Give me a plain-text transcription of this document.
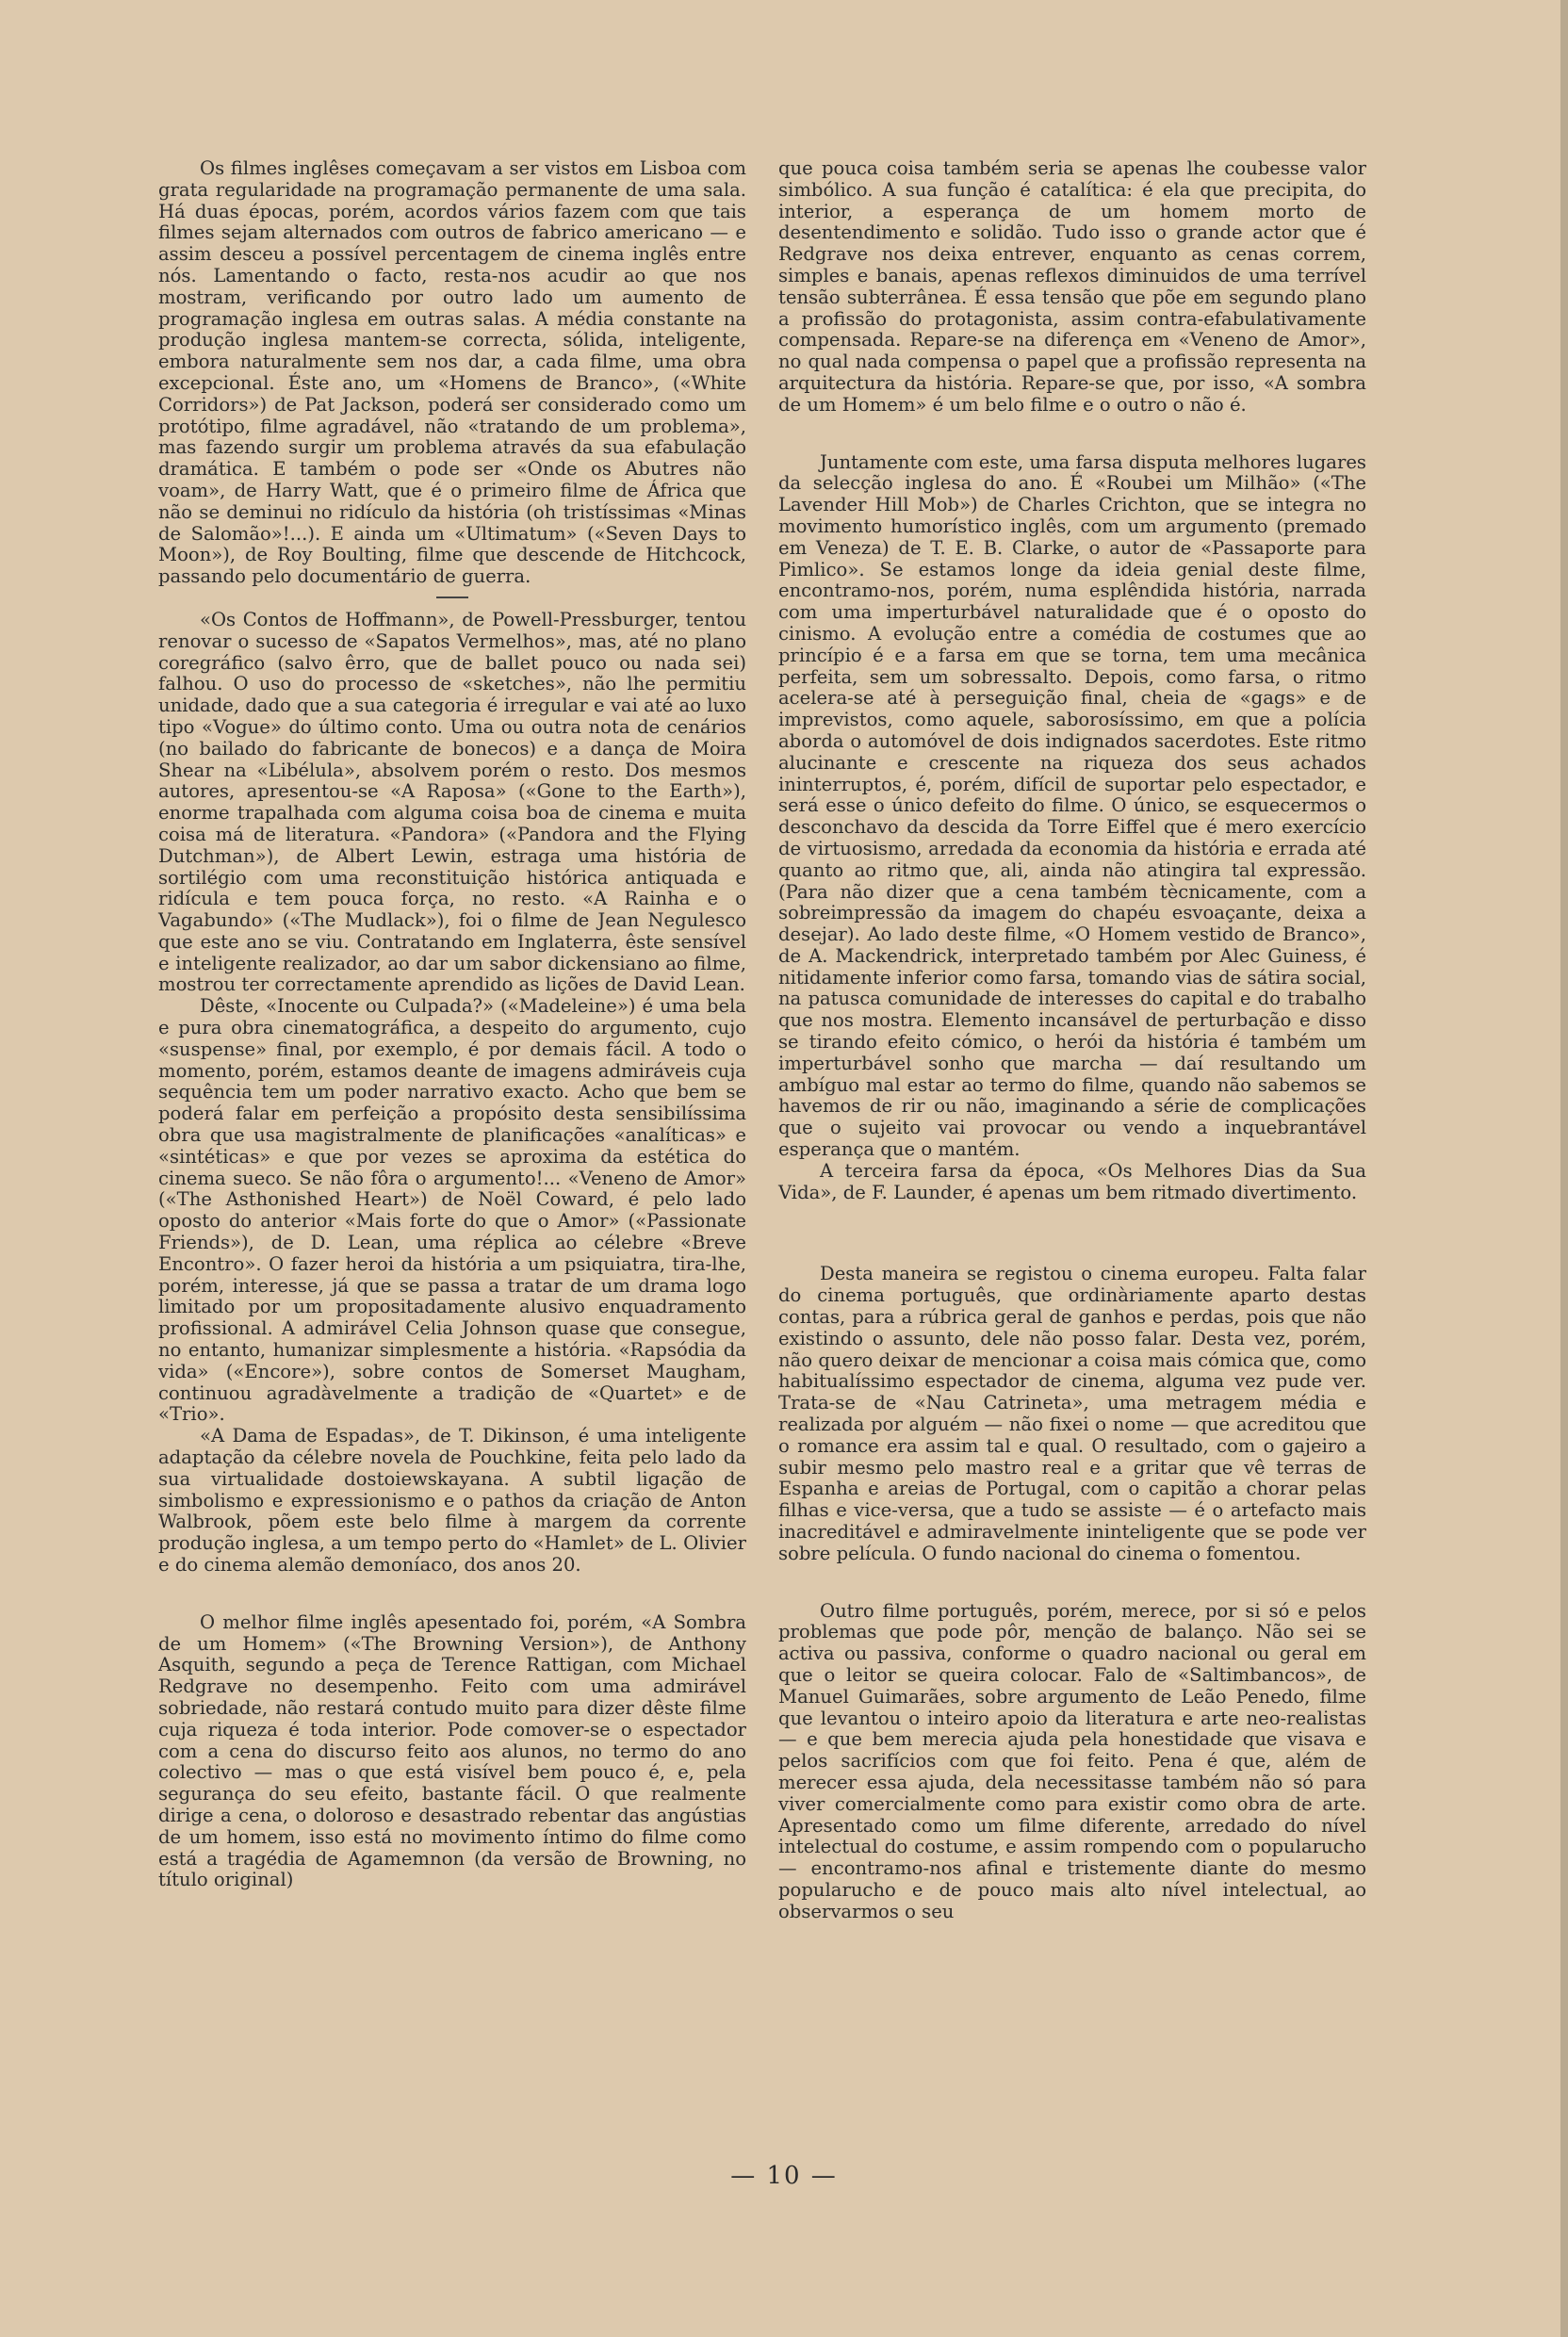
Os filmes inglêses começavam a ser vistos em Lisboa com grata regularidade na programação permanente de uma sala. Há duas épocas, porém, acordos vários fazem com que tais filmes sejam alternados com outros de fabrico americano — e assim desceu a possível percentagem de cinema inglês entre nós. Lamentando o facto, resta-nos acudir ao que nos mostram, verificando por outro lado um aumento de programação inglesa em outras salas. A média constante na produção inglesa mantem-se correcta, sólida, inteligente, embora naturalmente sem nos dar, a cada filme, uma obra excepcional. Éste ano, um «Homens de Branco», («White Corridors») de Pat Jackson, poderá ser considerado como um protótipo, filme agradável, não «tratando de um problema», mas fazendo surgir um problema através da sua efabulação dramática. E também o pode ser «Onde os Abutres não voam», de Harry Watt, que é o primeiro filme de África que não se deminui no ridículo da história (oh tristíssimas «Minas de Salomão»!...). E ainda um «Ultimatum» («Seven Days to Moon»), de Roy Boulting, filme que descende de Hitchcock, passando pelo documentário de guerra.

«Os Contos de Hoffmann», de Powell-Pressburger, tentou renovar o sucesso de «Sapatos Vermelhos», mas, até no plano coregráfico (salvo êrro, que de ballet pouco ou nada sei) falhou. O uso do processo de «sketches», não lhe permitiu unidade, dado que a sua categoria é irregular e vai até ao luxo tipo «Vogue» do último conto. Uma ou outra nota de cenários (no bailado do fabricante de bonecos) e a dança de Moira Shear na «Libélula», absolvem porém o resto. Dos mesmos autores, apresentou-se «A Raposa» («Gone to the Earth»), enorme trapalhada com alguma coisa boa de cinema e muita coisa má de literatura. «Pandora» («Pandora and the Flying Dutchman»), de Albert Lewin, estraga uma história de sortilégio com uma reconstituição histórica antiquada e ridícula e tem pouca força, no resto. «A Rainha e o Vagabundo» («The Mudlack»), foi o filme de Jean Negulesco que este ano se viu. Contratando em Inglaterra, êste sensível e inteligente realizador, ao dar um sabor dickensiano ao filme, mostrou ter correctamente aprendido as lições de David Lean.

Dêste, «Inocente ou Culpada?» («Madeleine») é uma bela e pura obra cinematográfica, a despeito do argumento, cujo «suspense» final, por exemplo, é por demais fácil. A todo o momento, porém, estamos deante de imagens admiráveis cuja sequência tem um poder narrativo exacto. Acho que bem se poderá falar em perfeição a propósito desta sensibilíssima obra que usa magistralmente de planificações «analíticas» e «sintéticas» e que por vezes se aproxima da estética do cinema sueco. Se não fôra o argumento!... «Veneno de Amor» («The Asthonished Heart») de Noël Coward, é pelo lado oposto do anterior «Mais forte do que o Amor» («Passionate Friends»), de D. Lean, uma réplica ao célebre «Breve Encontro». O fazer heroi da história a um psiquiatra, tira-lhe, porém, interesse, já que se passa a tratar de um drama logo limitado por um propositadamente alusivo enquadramento profissional. A admirável Celia Johnson quase que consegue, no entanto, humanizar simplesmente a história. «Rapsódia da vida» («Encore»), sobre contos de Somerset Maugham, continuou agradàvelmente a tradição de «Quartet» e de «Trio».

«A Dama de Espadas», de T. Dikinson, é uma inteligente adaptação da célebre novela de Pouchkine, feita pelo lado da sua virtualidade dostoiewskayana. A subtil ligação de simbolismo e expressionismo e o pathos da criação de Anton Walbrook, põem este belo filme à margem da corrente produção inglesa, a um tempo perto do «Hamlet» de L. Olivier e do cinema alemão demoníaco, dos anos 20.

O melhor filme inglês apesentado foi, porém, «A Sombra de um Homem» («The Browning Version»), de Anthony Asquith, segundo a peça de Terence Rattigan, com Michael Redgrave no desempenho. Feito com uma admirável sobriedade, não restará contudo muito para dizer dêste filme cuja riqueza é toda interior. Pode comover-se o espectador com a cena do discurso feito aos alunos, no termo do ano colectivo — mas o que está visível bem pouco é, e, pela segurança do seu efeito, bastante fácil. O que realmente dirige a cena, o doloroso e desastrado rebentar das angústias de um homem, isso está no movimento íntimo do filme como está a tragédia de Agamemnon (da versão de Browning, no título original)

que pouca coisa também seria se apenas lhe coubesse valor simbólico. A sua função é catalítica: é ela que precipita, do interior, a esperança de um homem morto de desentendimento e solidão. Tudo isso o grande actor que é Redgrave nos deixa entrever, enquanto as cenas correm, simples e banais, apenas reflexos diminuidos de uma terrível tensão subterrânea. É essa tensão que põe em segundo plano a profissão do protagonista, assim contra-efabulativamente compensada. Repare-se na diferença em «Veneno de Amor», no qual nada compensa o papel que a profissão representa na arquitectura da história. Repare-se que, por isso, «A sombra de um Homem» é um belo filme e o outro o não é.

Juntamente com este, uma farsa disputa melhores lugares da selecção inglesa do ano. É «Roubei um Milhão» («The Lavender Hill Mob») de Charles Crichton, que se integra no movimento humorístico inglês, com um argumento (premado em Veneza) de T. E. B. Clarke, o autor de «Passaporte para Pimlico». Se estamos longe da ideia genial deste filme, encontramo-nos, porém, numa esplêndida história, narrada com uma imperturbável naturalidade que é o oposto do cinismo. A evolução entre a comédia de costumes que ao princípio é e a farsa em que se torna, tem uma mecânica perfeita, sem um sobressalto. Depois, como farsa, o ritmo acelera-se até à perseguição final, cheia de «gags» e de imprevistos, como aquele, saborosíssimo, em que a polícia aborda o automóvel de dois indignados sacerdotes. Este ritmo alucinante e crescente na riqueza dos seus achados ininterruptos, é, porém, difícil de suportar pelo espectador, e será esse o único defeito do filme. O único, se esquecermos o desconchavo da descida da Torre Eiffel que é mero exercício de virtuosismo, arredada da economia da história e errada até quanto ao ritmo que, ali, ainda não atingira tal expressão. (Para não dizer que a cena também tècnicamente, com a sobreimpressão da imagem do chapéu esvoaçante, deixa a desejar). Ao lado deste filme, «O Homem vestido de Branco», de A. Mackendrick, interpretado também por Alec Guiness, é nitidamente inferior como farsa, tomando vias de sátira social, na patusca comunidade de interesses do capital e do trabalho que nos mostra. Elemento incansável de perturbação e disso se tirando efeito cómico, o herói da história é também um imperturbável sonho que marcha — daí resultando um ambíguo mal estar ao termo do filme, quando não sabemos se havemos de rir ou não, imaginando a série de complicações que o sujeito vai provocar ou vendo a inquebrantável esperança que o mantém.

A terceira farsa da época, «Os Melhores Dias da Sua Vida», de F. Launder, é apenas um bem ritmado divertimento.

Desta maneira se registou o cinema europeu. Falta falar do cinema português, que ordinàriamente aparto destas contas, para a rúbrica geral de ganhos e perdas, pois que não existindo o assunto, dele não posso falar. Desta vez, porém, não quero deixar de mencionar a coisa mais cómica que, como habitualíssimo espectador de cinema, alguma vez pude ver. Trata-se de «Nau Catrineta», uma metragem média e realizada por alguém — não fixei o nome — que acreditou que o romance era assim tal e qual. O resultado, com o gajeiro a subir mesmo pelo mastro real e a gritar que vê terras de Espanha e areias de Portugal, com o capitão a chorar pelas filhas e vice-versa, que a tudo se assiste — é o artefacto mais inacreditável e admiravelmente ininteligente que se pode ver sobre película. O fundo nacional do cinema o fomentou.

Outro filme português, porém, merece, por si só e pelos problemas que pode pôr, menção de balanço. Não sei se activa ou passiva, conforme o quadro nacional ou geral em que o leitor se queira colocar. Falo de «Saltimbancos», de Manuel Guimarães, sobre argumento de Leão Penedo, filme que levantou o inteiro apoio da literatura e arte neo-realistas — e que bem merecia ajuda pela honestidade que visava e pelos sacrifícios com que foi feito. Pena é que, além de merecer essa ajuda, dela necessitasse também não só para viver comercialmente como para existir como obra de arte. Apresentado como um filme diferente, arredado do nível intelectual do costume, e assim rompendo com o popularucho — encontramo-nos afinal e tristemente diante do mesmo popularucho e de pouco mais alto nível intelectual, ao observarmos o seu

— 10 —
